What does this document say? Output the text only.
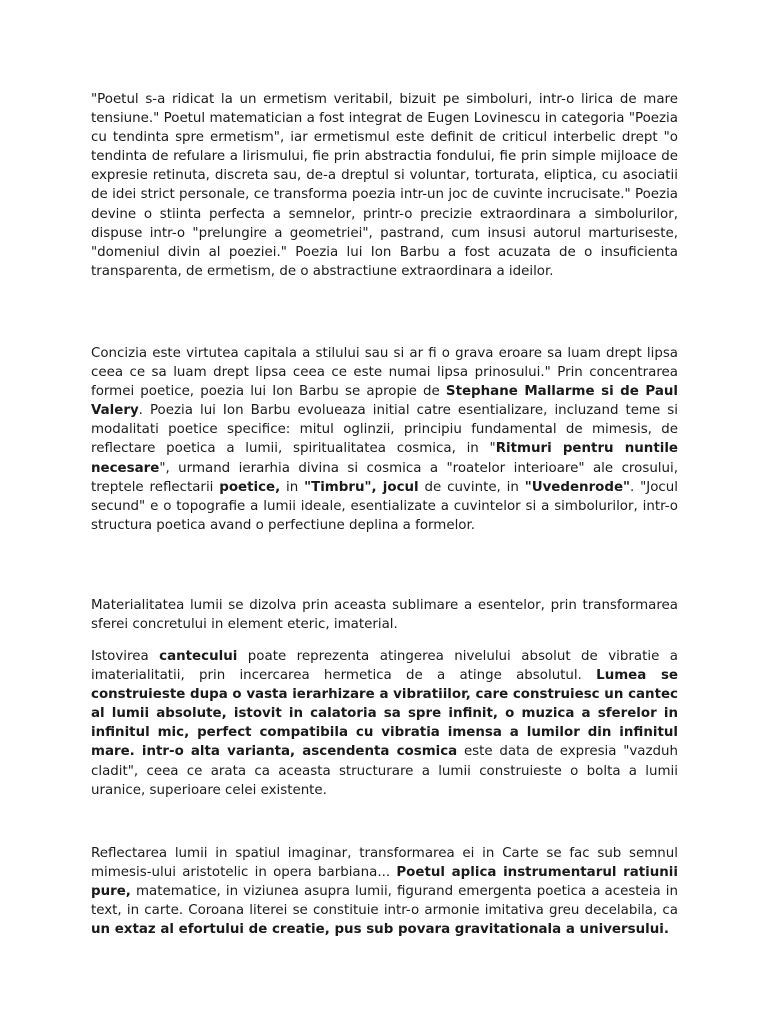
"Poetul s-a ridicat la un ermetism veritabil, bizuit pe simboluri, intr-o lirica de mare tensiune." Poetul matematician a fost integrat de Eugen Lovinescu in categoria "Poezia cu tendinta spre ermetism", iar ermetismul este definit de criticul interbelic drept "o tendinta de refulare a lirismului, fie prin abstractia fondului, fie prin simple mijloace de expresie retinuta, discreta sau, de-a dreptul si voluntar, torturata, eliptica, cu asociatii de idei strict personale, ce transforma poezia intr-un joc de cuvinte incrucisate." Poezia devine o stiinta perfecta a semnelor, printr-o precizie extraordinara a simbolurilor, dispuse intr-o "prelungire a geometriei", pastrand, cum insusi autorul marturiseste, "domeniul divin al poeziei." Poezia lui Ion Barbu a fost acuzata de o insuficienta transparenta, de ermetism, de o abstractiune extraordinara a ideilor.

Concizia este virtutea capitala a stilului sau si ar fi o grava eroare sa luam drept lipsa ceea ce sa luam drept lipsa ceea ce este numai lipsa prinosului." Prin concentrarea formei poetice, poezia lui Ion Barbu se apropie de Stephane Mallarme si de Paul Valery. Poezia lui Ion Barbu evolueaza initial catre esentializare, incluzand teme si modalitati poetice specifice: mitul oglinzii, principiu fundamental de mimesis, de reflectare poetica a lumii, spiritualitatea cosmica, in "Ritmuri pentru nuntile necesare", urmand ierarhia divina si cosmica a "roatelor interioare" ale crosului, treptele reflectarii poetice, in "Timbru", jocul de cuvinte, in "Uvedenrode". "Jocul secund" e o topografie a lumii ideale, esentializate a cuvintelor si a simbolurilor, intr-o structura poetica avand o perfectiune deplina a formelor.

Materialitatea lumii se dizolva prin aceasta sublimare a esentelor, prin transformarea sferei concretului in element eteric, imaterial.

Istovirea cantecului poate reprezenta atingerea nivelului absolut de vibratie a imaterialitatii, prin incercarea hermetica de a atinge absolutul. Lumea se construieste dupa o vasta ierarhizare a vibratiilor, care construiesc un cantec al lumii absolute, istovit in calatoria sa spre infinit, o muzica a sferelor in infinitul mic, perfect compatibila cu vibratia imensa a lumilor din infinitul mare. intr-o alta varianta, ascendenta cosmica este data de expresia "vazduh cladit", ceea ce arata ca aceasta structurare a lumii construieste o bolta a lumii uranice, superioare celei existente.

Reflectarea lumii in spatiul imaginar, transformarea ei in Carte se fac sub semnul mimesis-ului aristotelic in opera barbiana... Poetul aplica instrumentarul ratiunii pure, matematice, in viziunea asupra lumii, figurand emergenta poetica a acesteia in text, in carte. Coroana literei se constituie intr-o armonie imitativa greu decelabila, ca un extaz al efortului de creatie, pus sub povara gravitationala a universului.
